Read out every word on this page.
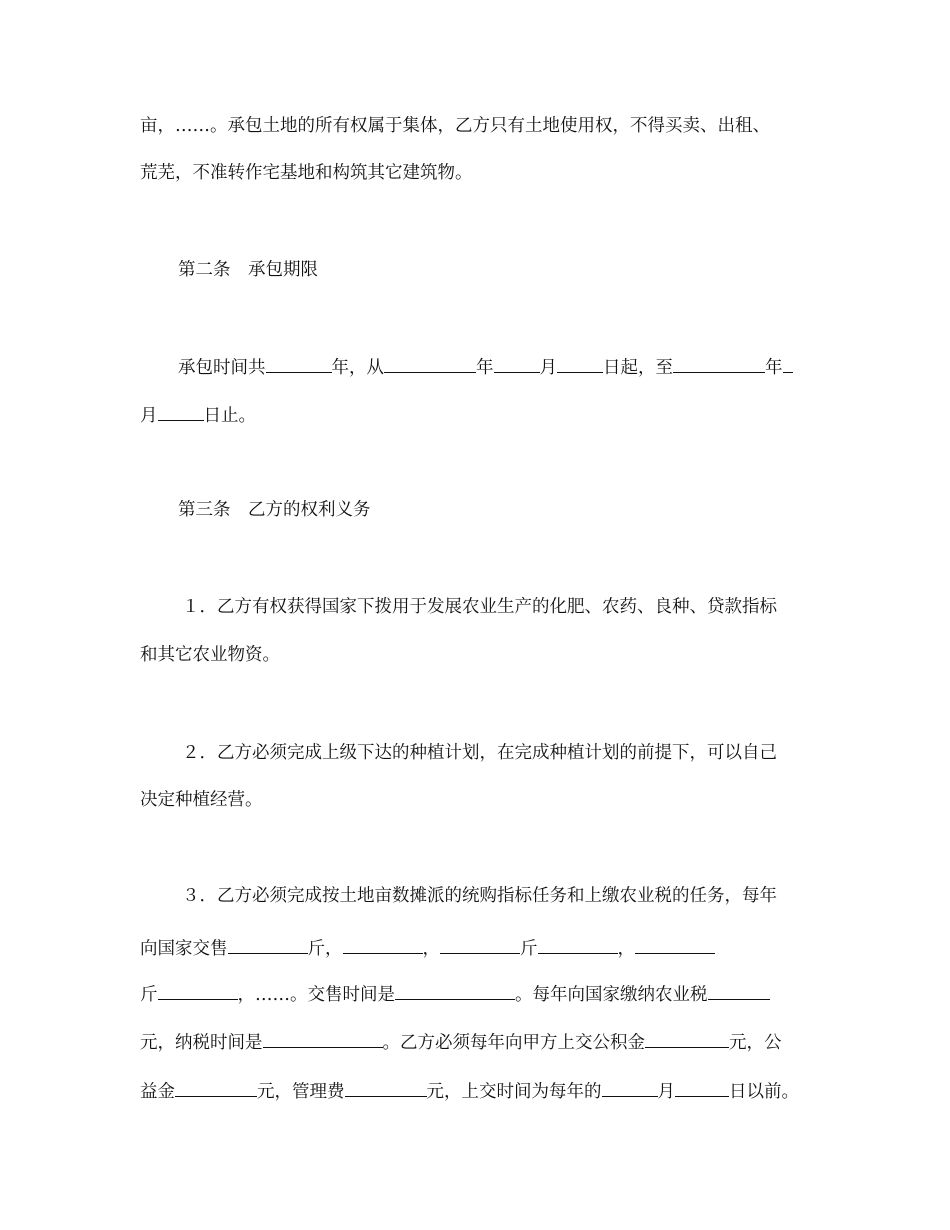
亩，……。承包土地的所有权属于集体，乙方只有土地使用权，不得买卖、出租、
荒芜，不准转作宅基地和构筑其它建筑物。
第二条　承包期限
承包时间共	年，从	年	月	日起，至	年
月	日止。
第三条　乙方的权利义务
１．乙方有权获得国家下拨用于发展农业生产的化肥、农药、良种、贷款指标
和其它农业物资。
２．乙方必须完成上级下达的种植计划，在完成种植计划的前提下，可以自己
决定种植经营。
３．乙方必须完成按土地亩数摊派的统购指标任务和上缴农业税的任务，每年
向国家交售	斤，	，	斤	，
斤	，……。交售时间是	。每年向国家缴纳农业税
元，纳税时间是	。乙方必须每年向甲方上交公积金	元，公
益金	元，管理费	元，上交时间为每年的	月	日以前。
